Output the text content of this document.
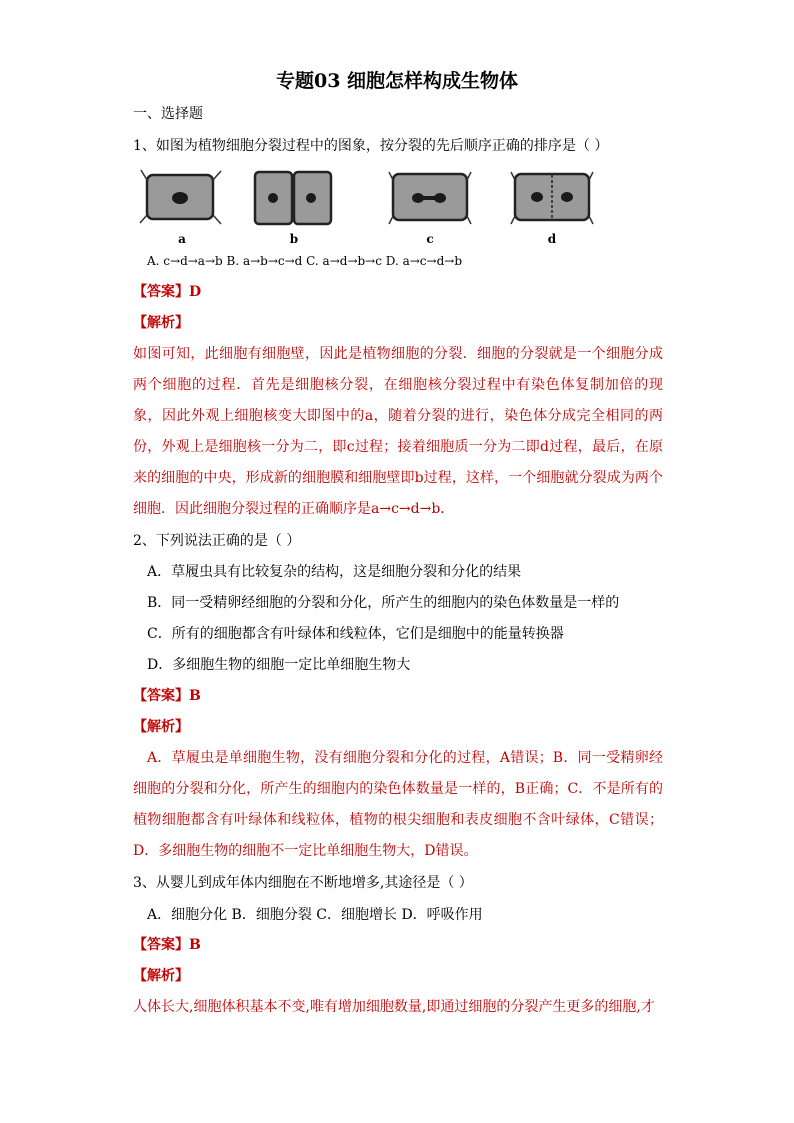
专题03 细胞怎样构成生物体
一、选择题
1、如图为植物细胞分裂过程中的图象，按分裂的先后顺序正确的排序是（ ）
a	b	c	d
A. c→d→a→b B. a→b→c→d C. a→d→b→c D. a→c→d→b
【答案】D
【解析】
如图可知，此细胞有细胞壁，因此是植物细胞的分裂．细胞的分裂就是一个细胞分成两个细胞的过程．首先是细胞核分裂，在细胞核分裂过程中有染色体复制加倍的现象，因此外观上细胞核变大即图中的a，随着分裂的进行，染色体分成完全相同的两份，外观上是细胞核一分为二，即c过程；接着细胞质一分为二即d过程，最后，在原来的细胞的中央，形成新的细胞膜和细胞壁即b过程，这样，一个细胞就分裂成为两个细胞．因此细胞分裂过程的正确顺序是a→c→d→b．
2、下列说法正确的是（ ）
A．草履虫具有比较复杂的结构，这是细胞分裂和分化的结果
B．同一受精卵经细胞的分裂和分化，所产生的细胞内的染色体数量是一样的
C．所有的细胞都含有叶绿体和线粒体，它们是细胞中的能量转换器
D．多细胞生物的细胞一定比单细胞生物大
【答案】B
【解析】
A．草履虫是单细胞生物，没有细胞分裂和分化的过程，A错误；B．同一受精卵经细胞的分裂和分化，所产生的细胞内的染色体数量是一样的，B正确；C．不是所有的植物细胞都含有叶绿体和线粒体，植物的根尖细胞和表皮细胞不含叶绿体，C错误；D．多细胞生物的细胞不一定比单细胞生物大，D错误。
3、从婴儿到成年体内细胞在不断地增多,其途径是（ ）
A．细胞分化 B．细胞分裂 C．细胞增长 D．呼吸作用
【答案】B
【解析】
人体长大,细胞体积基本不变,唯有增加细胞数量,即通过细胞的分裂产生更多的细胞,才
